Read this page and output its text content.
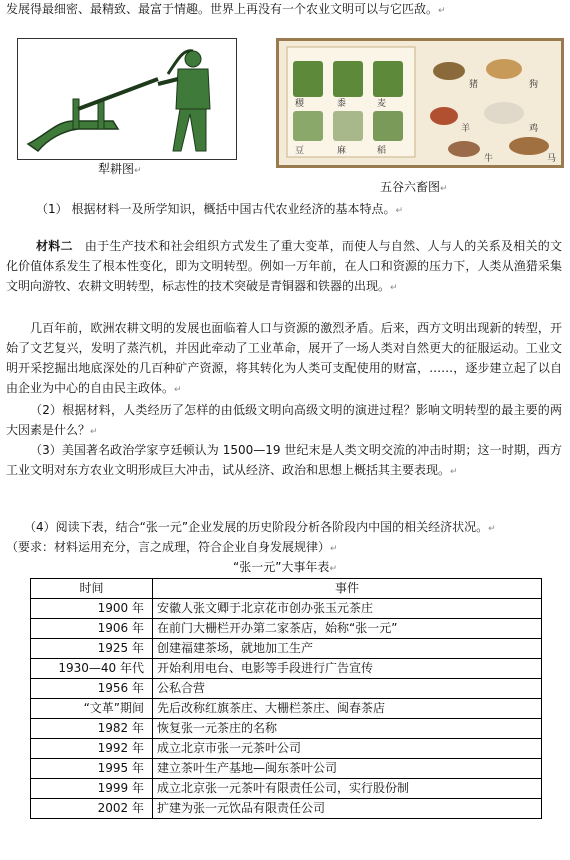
发展得最细密、最精致、最富于情趣。世界上再没有一个农业文明可以与它匹敌。↵
犁耕图↵
稷	黍	麦
豆	麻	稻
猪	狗
羊	鸡
牛	马
五谷六畜图↵
（1） 根据材料一及所学知识，概括中国古代农业经济的基本特点。↵
材料二 由于生产技术和社会组织方式发生了重大变革，而使人与自然、人与人的关系及相关的文化价值体系发生了根本性变化，即为文明转型。例如一万年前，在人口和资源的压力下，人类从渔猎采集文明向游牧、农耕文明转型，标志性的技术突破是青铜器和铁器的出现。↵
几百年前，欧洲农耕文明的发展也面临着人口与资源的激烈矛盾。后来，西方文明出现新的转型，开始了文艺复兴，发明了蒸汽机，并因此牵动了工业革命，展开了一场人类对自然更大的征服运动。工业文明开采挖掘出地底深处的几百种矿产资源，将其转化为人类可支配使用的财富，……，逐步建立起了以自由企业为中心的自由民主政体。↵
（2）根据材料，人类经历了怎样的由低级文明向高级文明的演进过程？影响文明转型的最主要的两大因素是什么？↵
（3）美国著名政治学家亨廷顿认为 1500—19 世纪末是人类文明交流的冲击时期；这一时期，西方工业文明对东方农业文明形成巨大冲击，试从经济、政治和思想上概括其主要表现。↵
（4）阅读下表，结合“张一元”企业发展的历史阶段分析各阶段内中国的相关经济状况。↵
（要求：材料运用充分，言之成理，符合企业自身发展规律）↵
“张一元”大事年表↵
时间	事件
1900 年	安徽人张文卿于北京花市创办张玉元茶庄
1906 年	在前门大栅栏开办第二家茶店，始称“张一元”
1925 年	创建福建茶场，就地加工生产
1930—40 年代	开始利用电台、电影等手段进行广告宣传
1956 年	公私合营
“文革”期间	先后改称红旗茶庄、大栅栏茶庄、闽春茶店
1982 年	恢复张一元茶庄的名称
1992 年	成立北京市张一元茶叶公司
1995 年	建立茶叶生产基地—闽东茶叶公司
1999 年	成立北京张一元茶叶有限责任公司，实行股份制
2002 年	扩建为张一元饮品有限责任公司
